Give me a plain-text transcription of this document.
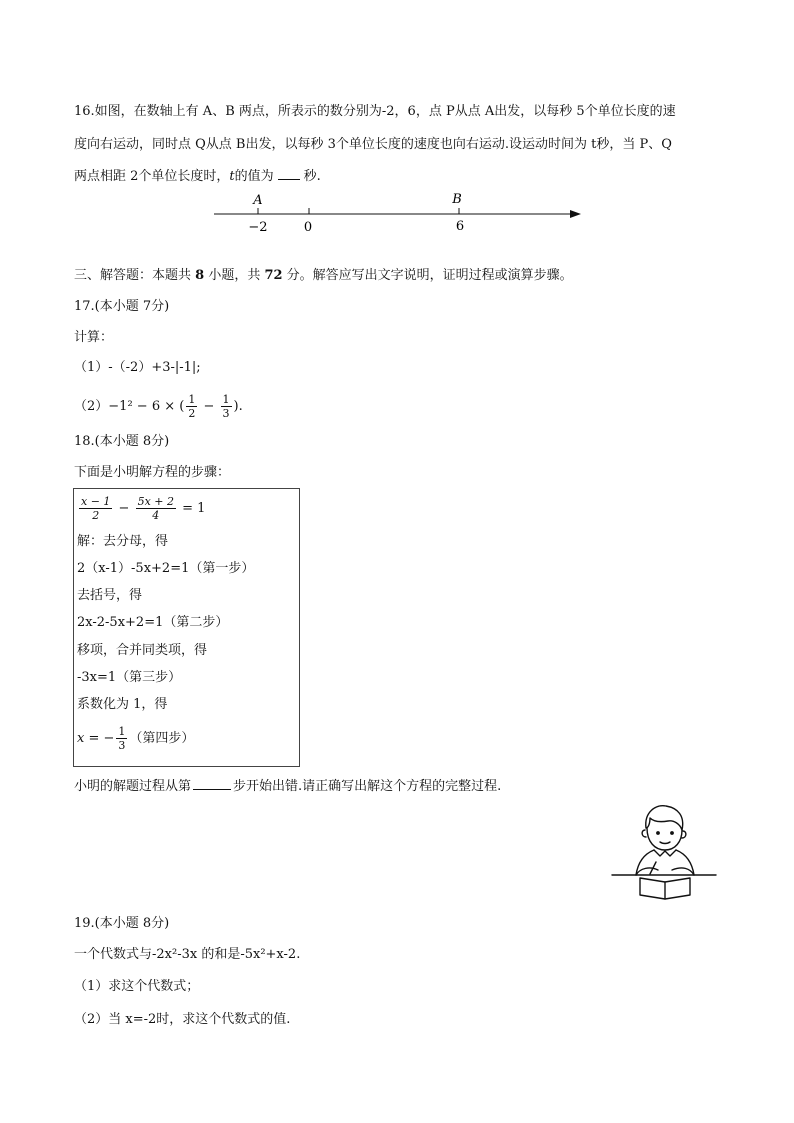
16.如图，在数轴上有 A、B 两点，所表示的数分别为-2，6，点 P从点 A出发，以每秒 5个单位长度的速
度向右运动，同时点 Q从点 B出发，以每秒 3个单位长度的速度也向右运动.设运动时间为 t秒，当 P、Q
两点相距 2个单位长度时，t的值为 秒.
A	B
−2	0	6
三、解答题：本题共 8 小题，共 72 分。解答应写出文字说明，证明过程或演算步骤。
17.(本小题 7分)
计算：
（1）-（-2）+3-|-1|;
（2）−1² − 6 × ( $\frac{1}{2} - \frac{1}{3}$ ).
18.(本小题 8分)
下面是小明解方程的步骤：
$\frac{x - 1}{2} - \frac{5x + 2}{4} = 1$
解：去分母，得
2（x-1）-5x+2=1（第一步）
去括号，得
2x-2-5x+2=1（第二步）
移项，合并同类项，得
-3x=1（第三步）
系数化为 1，得
x = − $\frac{1}{3}$ （第四步）
小明的解题过程从第	步开始出错.请正确写出解这个方程的完整过程.
19.(本小题 8分)
一个代数式与-2x²-3x 的和是-5x²+x-2.
（1）求这个代数式；
（2）当 x=-2时，求这个代数式的值.
